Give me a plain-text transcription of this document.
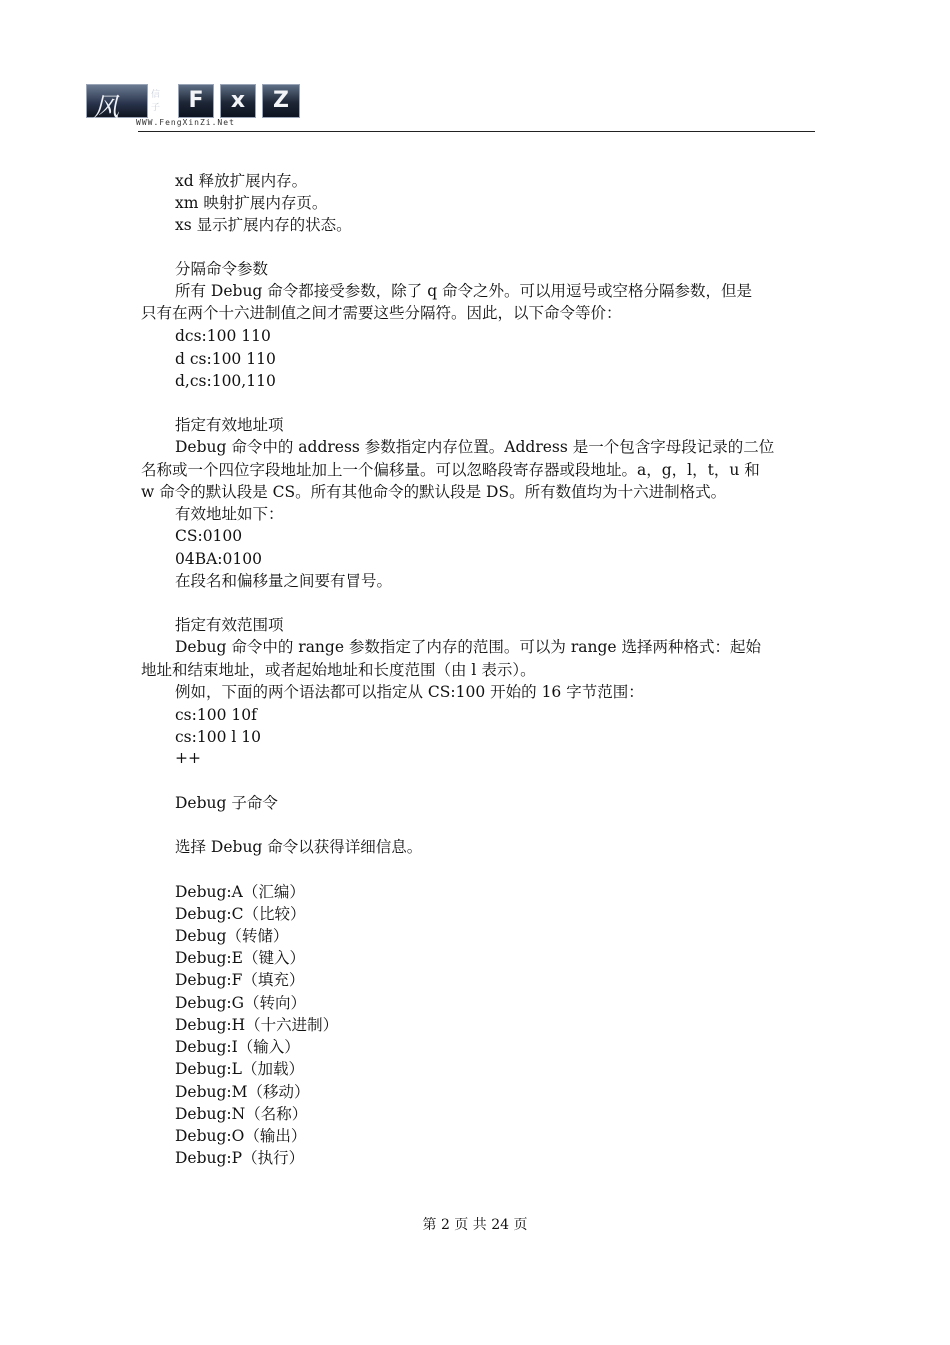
风	信 子	F	x	Z
WWW.FengXinZi.Net
xd 释放扩展内存。
xm 映射扩展内存页。
xs 显示扩展内存的状态。
分隔命令参数
所有 Debug 命令都接受参数，除了 q 命令之外。可以用逗号或空格分隔参数，但是
只有在两个十六进制值之间才需要这些分隔符。因此，以下命令等价：
dcs:100 110
d cs:100 110
d,cs:100,110
指定有效地址项
Debug 命令中的 address 参数指定内存位置。Address 是一个包含字母段记录的二位
名称或一个四位字段地址加上一个偏移量。可以忽略段寄存器或段地址。a，g，l，t，u 和
w 命令的默认段是 CS。所有其他命令的默认段是 DS。所有数值均为十六进制格式。
有效地址如下：
CS:0100
04BA:0100
在段名和偏移量之间要有冒号。
指定有效范围项
Debug 命令中的 range 参数指定了内存的范围。可以为 range 选择两种格式：起始
地址和结束地址，或者起始地址和长度范围（由 l 表示）。
例如，下面的两个语法都可以指定从 CS:100 开始的 16 字节范围：
cs:100 10f
cs:100 l 10
++
Debug 子命令
选择 Debug 命令以获得详细信息。
Debug:A（汇编）
Debug:C（比较）
Debug（转储）
Debug:E（键入）
Debug:F（填充）
Debug:G（转向）
Debug:H（十六进制）
Debug:I（输入）
Debug:L（加载）
Debug:M（移动）
Debug:N（名称）
Debug:O（输出）
Debug:P（执行）
第 2 页 共 24 页
